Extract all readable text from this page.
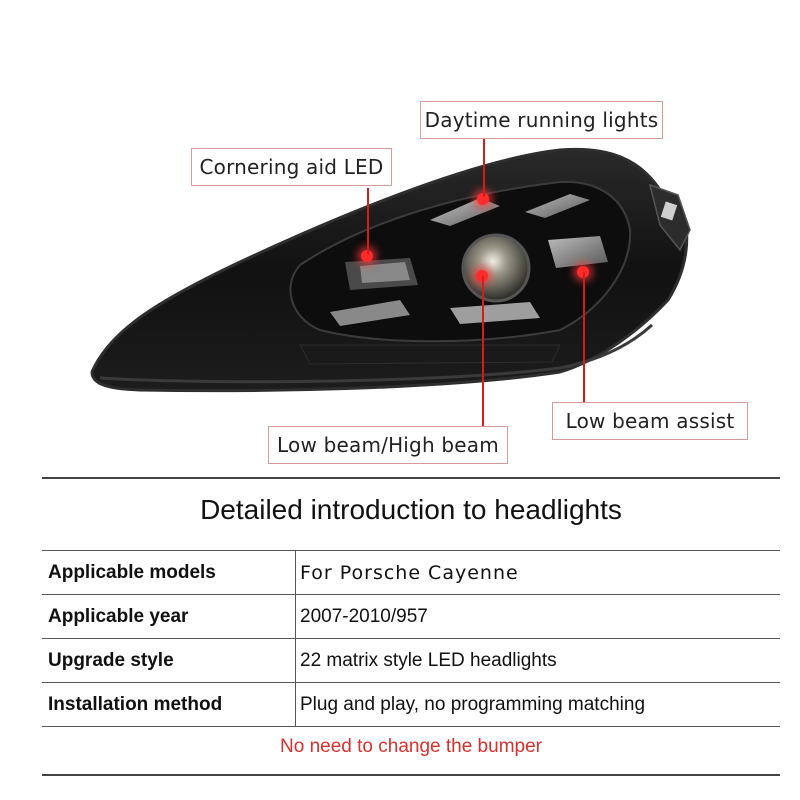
Daytime running lights
Cornering aid LED
Low beam assist
Low beam/High beam
Detailed introduction to headlights
Applicable models	For Porsche Cayenne
Applicable year	2007-2010/957
Upgrade style	22 matrix style LED headlights
Installation method	Plug and play, no programming matching
No need to change the bumper
